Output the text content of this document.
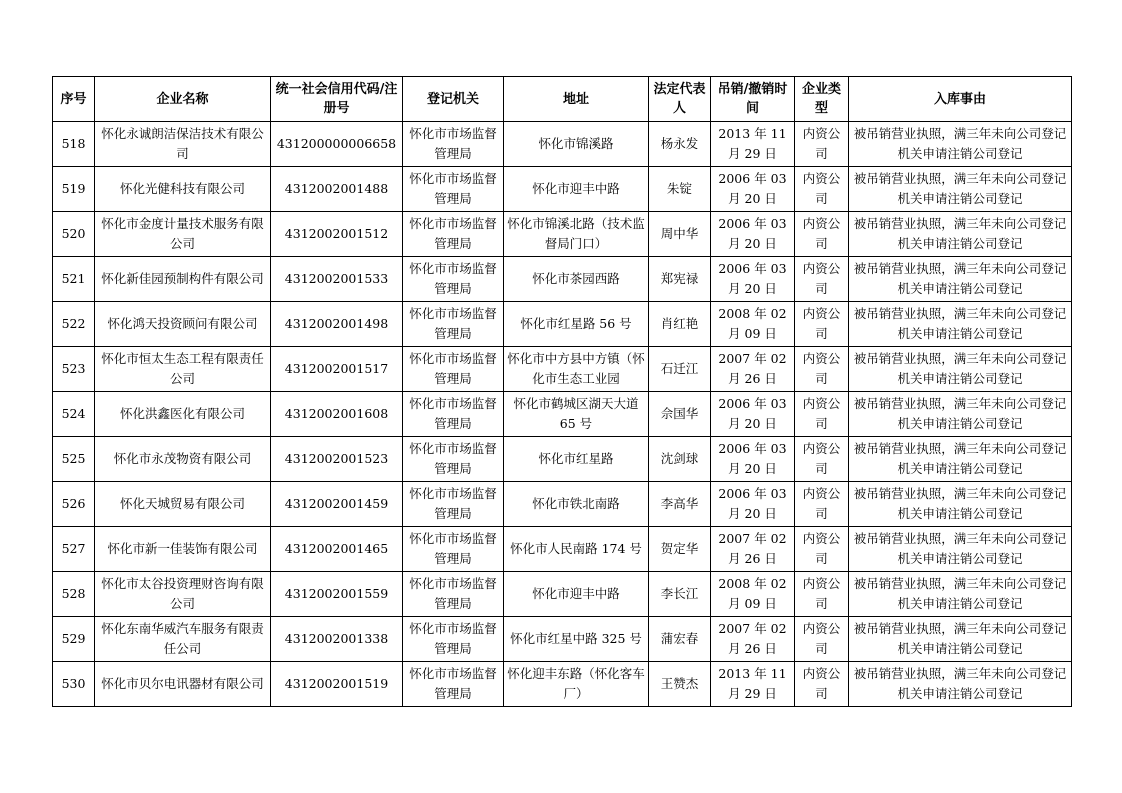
序号	企业名称	统一社会信用代码/注册号	登记机关	地址	法定代表人	吊销/撤销时间	企业类型	入库事由
518	怀化永诚朗洁保洁技术有限公司	431200000006658	怀化市市场监督管理局	怀化市锦溪路	杨永发	2013 年 11 月 29 日	内资公司	被吊销营业执照，满三年未向公司登记机关申请注销公司登记

519	怀化光健科技有限公司	4312002001488	怀化市市场监督管理局	怀化市迎丰中路	朱锭	2006 年 03 月 20 日	内资公司	被吊销营业执照，满三年未向公司登记机关申请注销公司登记

520	怀化市金度计量技术服务有限公司	4312002001512	怀化市市场监督管理局	怀化市锦溪北路（技术监督局门口）	周中华	2006 年 03 月 20 日	内资公司	被吊销营业执照，满三年未向公司登记机关申请注销公司登记

521	怀化新佳园预制构件有限公司	4312002001533	怀化市市场监督管理局	怀化市茶园西路	郑宪禄	2006 年 03 月 20 日	内资公司	被吊销营业执照，满三年未向公司登记机关申请注销公司登记

522	怀化鸿天投资顾问有限公司	4312002001498	怀化市市场监督管理局	怀化市红星路 56 号	肖红艳	2008 年 02 月 09 日	内资公司	被吊销营业执照，满三年未向公司登记机关申请注销公司登记

523	怀化市恒太生态工程有限责任公司	4312002001517	怀化市市场监督管理局	怀化市中方县中方镇（怀化市生态工业园	石迁江	2007 年 02 月 26 日	内资公司	被吊销营业执照，满三年未向公司登记机关申请注销公司登记

524	怀化洪鑫医化有限公司	4312002001608	怀化市市场监督管理局	怀化市鹤城区湖天大道 65 号	佘国华	2006 年 03 月 20 日	内资公司	被吊销营业执照，满三年未向公司登记机关申请注销公司登记

525	怀化市永茂物资有限公司	4312002001523	怀化市市场监督管理局	怀化市红星路	沈剑球	2006 年 03 月 20 日	内资公司	被吊销营业执照，满三年未向公司登记机关申请注销公司登记

526	怀化天城贸易有限公司	4312002001459	怀化市市场监督管理局	怀化市铁北南路	李高华	2006 年 03 月 20 日	内资公司	被吊销营业执照，满三年未向公司登记机关申请注销公司登记

527	怀化市新一佳装饰有限公司	4312002001465	怀化市市场监督管理局	怀化市人民南路 174 号	贺定华	2007 年 02 月 26 日	内资公司	被吊销营业执照，满三年未向公司登记机关申请注销公司登记

528	怀化市太谷投资理财咨询有限公司	4312002001559	怀化市市场监督管理局	怀化市迎丰中路	李长江	2008 年 02 月 09 日	内资公司	被吊销营业执照，满三年未向公司登记机关申请注销公司登记

529	怀化东南华威汽车服务有限责任公司	4312002001338	怀化市市场监督管理局	怀化市红星中路 325 号	蒲宏春	2007 年 02 月 26 日	内资公司	被吊销营业执照，满三年未向公司登记机关申请注销公司登记

530	怀化市贝尔电讯器材有限公司	4312002001519	怀化市市场监督管理局	怀化迎丰东路（怀化客车厂）	王赞杰	2013 年 11 月 29 日	内资公司	被吊销营业执照，满三年未向公司登记机关申请注销公司登记
